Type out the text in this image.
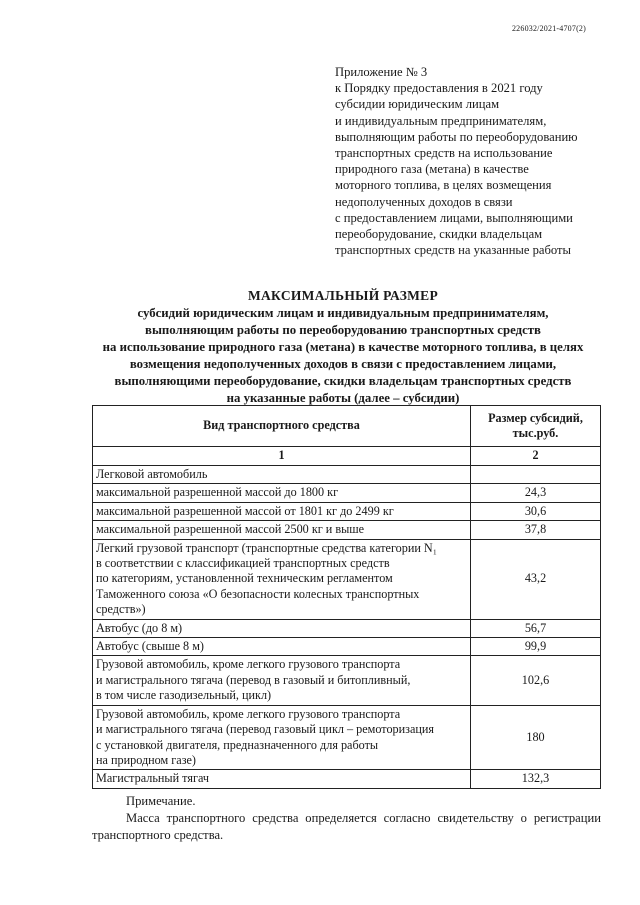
226032/2021-4707(2)
Приложение № 3
к Порядку предоставления в 2021 году
субсидии юридическим лицам
и индивидуальным предпринимателям,
выполняющим работы по переоборудованию
транспортных средств на использование
природного газа (метана) в качестве
моторного топлива, в целях возмещения
недополученных доходов в связи
с предоставлением лицами, выполняющими
переоборудование, скидки владельцам
транспортных средств на указанные работы
МАКСИМАЛЬНЫЙ РАЗМЕР
субсидий юридическим лицам и индивидуальным предпринимателям,
выполняющим работы по переоборудованию транспортных средств
на использование природного газа (метана) в качестве моторного топлива, в целях
возмещения недополученных доходов в связи с предоставлением лицами,
выполняющими переоборудование, скидки владельцам транспортных средств
на указанные работы (далее – субсидии)
Вид транспортного средства	Размер субсидий,
тыс.руб.

1	2

Легковой автомобиль	

максимальной разрешенной массой до 1800 кг	24,3

максимальной разрешенной массой от 1801 кг до 2499 кг	30,6

максимальной разрешенной массой 2500 кг и выше	37,8

Легкий грузовой транспорт (транспортные средства категории N₁
в соответствии с классификацией транспортных средств
по категориям, установленной техническим регламентом
Таможенного союза «О безопасности колесных транспортных
средств»)	43,2

Автобус (до 8 м)	56,7

Автобус (свыше 8 м)	99,9

Грузовой автомобиль, кроме легкого грузового транспорта
и магистрального тягача (перевод в газовый и битопливный,
в том числе газодизельный, цикл)	102,6

Грузовой автомобиль, кроме легкого грузового транспорта
и магистрального тягача (перевод газовый цикл – ремоторизация
с установкой двигателя, предназначенного для работы
на природном газе)	180

Магистральный тягач	132,3
Примечание.
Масса транспортного средства определяется согласно свидетельству о регистрации транспортного средства.
